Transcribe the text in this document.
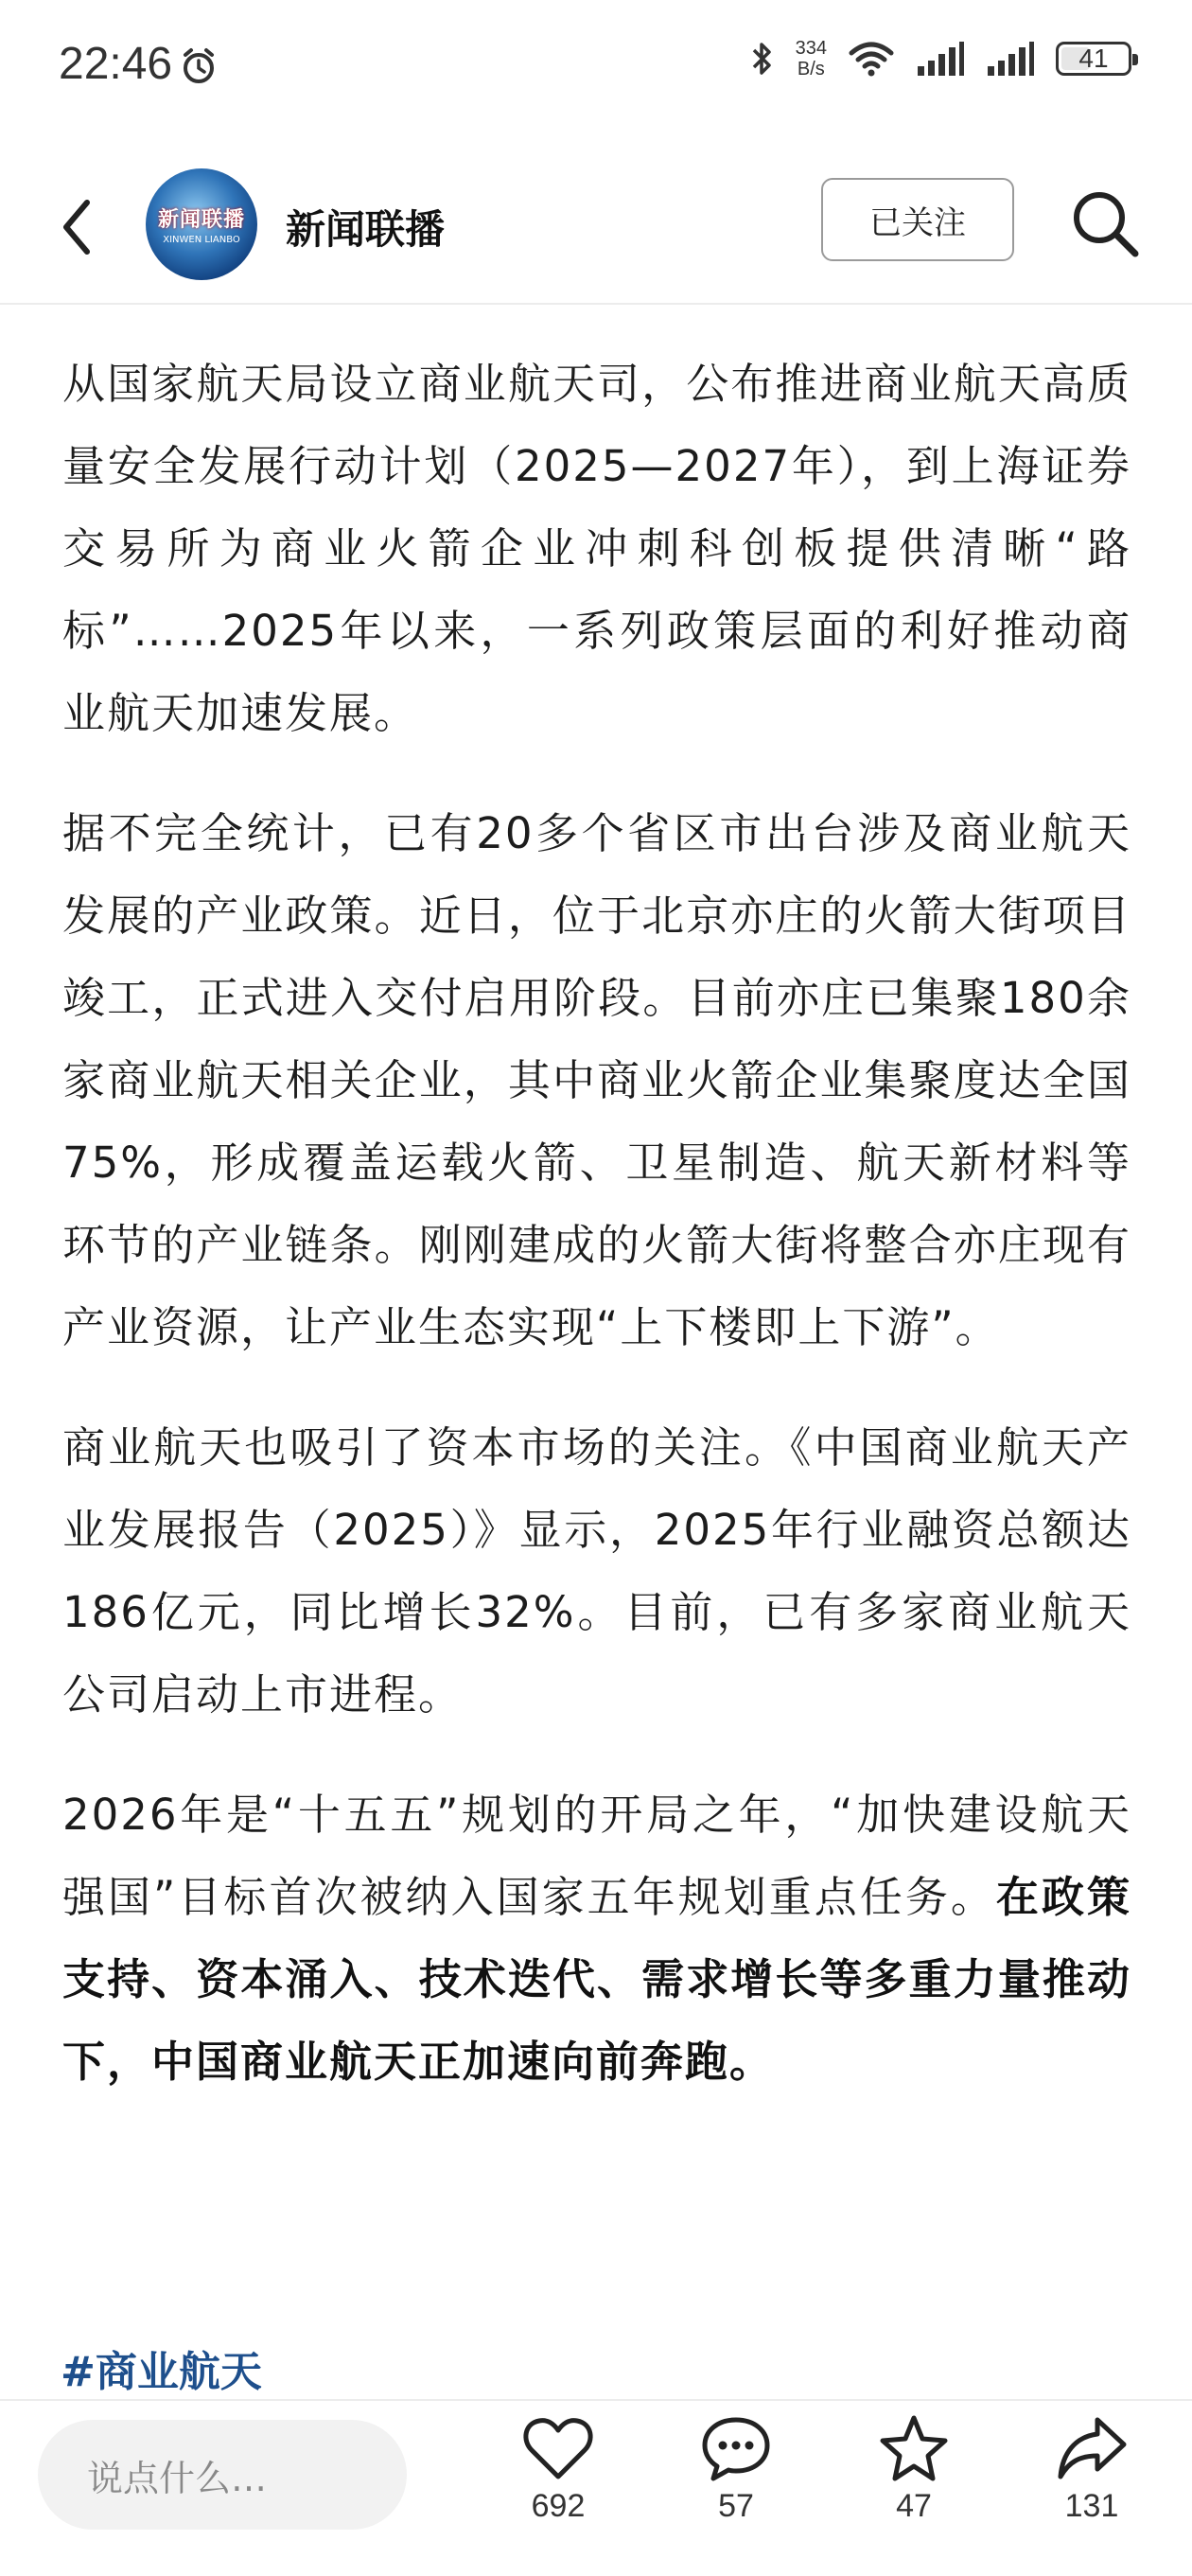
22:46	334
B/s	41
新闻联播
XINWEN LIANBO 新闻联播	已关注

从国家航天局设立商业航天司，公布推进商业航天高质量安全发展行动计划（2025—2027年），到上海证券交易所为商业火箭企业冲刺科创板提供清晰“路标”……2025年以来，一系列政策层面的利好推动商业航天加速发展。

据不完全统计，已有20多个省区市出台涉及商业航天发展的产业政策。近日，位于北京亦庄的火箭大街项目竣工，正式进入交付启用阶段。目前亦庄已集聚180余家商业航天相关企业，其中商业火箭企业集聚度达全国75%，形成覆盖运载火箭、卫星制造、航天新材料等环节的产业链条。刚刚建成的火箭大街将整合亦庄现有产业资源，让产业生态实现“上下楼即上下游”。

商业航天也吸引了资本市场的关注。《中国商业航天产业发展报告（2025）》显示，2025年行业融资总额达186亿元，同比增长32%。目前，已有多家商业航天公司启动上市进程。

2026年是“十五五”规划的开局之年，“加快建设航天强国”目标首次被纳入国家五年规划重点任务。在政策支持、资本涌入、技术迭代、需求增长等多重力量推动下，中国商业航天正加速向前奔跑。

#商业航天
说点什么…
692	57	47	131
